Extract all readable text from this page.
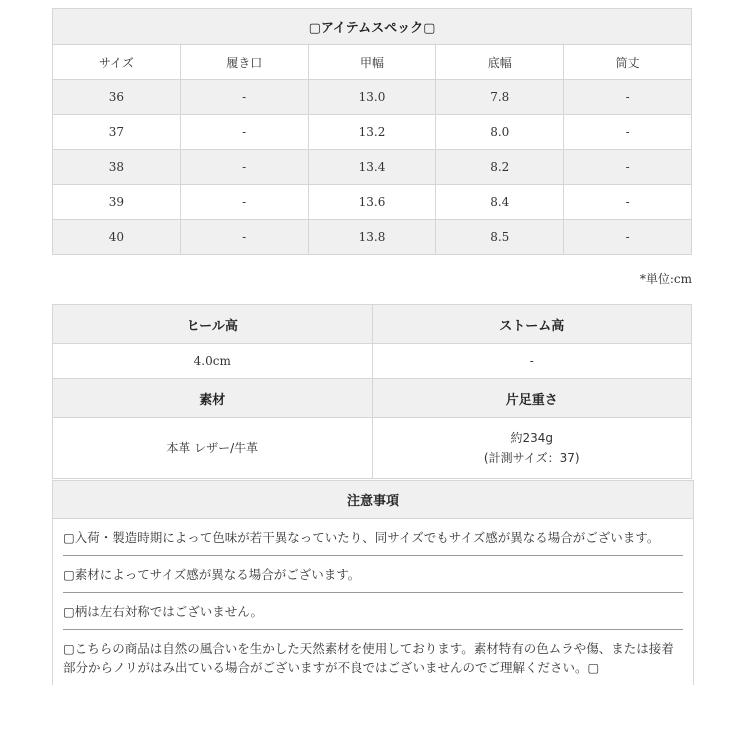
▢アイテムスペック▢				
サイズ	履き口	甲幅	底幅	筒丈
36	-	13.0	7.8	-
37	-	13.2	8.0	-
38	-	13.4	8.2	-
39	-	13.6	8.4	-
40	-	13.8	8.5	-
*単位:cm
ヒール高	ストーム高
4.0cm	-
素材	片足重さ
本革 レザー/牛革	約234g
(計測サイズ：37)
注意事項
▢入荷・製造時期によって色味が若干異なっていたり、同サイズでもサイズ感が異なる場合がございます。
▢素材によってサイズ感が異なる場合がございます。
▢柄は左右対称ではございません。
▢こちらの商品は自然の風合いを生かした天然素材を使用しております。素材特有の色ムラや傷、または接着部分からノリがはみ出ている場合がございますが不良ではございませんのでご理解ください。▢
